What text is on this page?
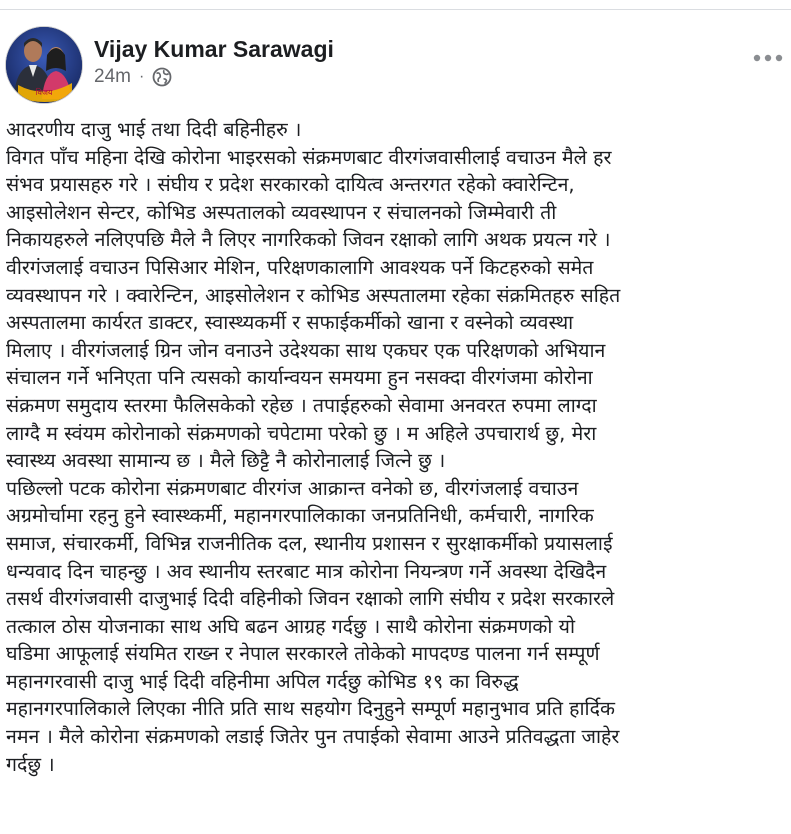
विजय
Vijay Kumar Sarawagi
24m ·
आदरणीय दाजु भाई तथा दिदी बहिनीहरु ।
विगत पाँच महिना देखि कोरोना भाइरसको संक्रमणबाट वीरगंजवासीलाई वचाउन मैले हर
संभव प्रयासहरु गरे । संघीय र प्रदेश सरकारको दायित्व अन्तरगत रहेको क्वारेन्टिन,
आइसोलेशन सेन्टर, कोभिड अस्पतालको व्यवस्थापन र संचालनको जिम्मेवारी ती
निकायहरुले नलिएपछि मैले नै लिएर नागरिकको जिवन रक्षाको लागि अथक प्रयत्न गरे ।
वीरगंजलाई वचाउन पिसिआर मेशिन, परिक्षणकालागि आवश्यक पर्ने किटहरुको समेत
व्यवस्थापन गरे । क्वारेन्टिन, आइसोलेशन र कोभिड अस्पतालमा रहेका संक्रमितहरु सहित
अस्पतालमा कार्यरत डाक्टर, स्वास्थ्यकर्मी र सफाईकर्मीको खाना र वस्नेको व्यवस्था
मिलाए । वीरगंजलाई ग्रिन जोन वनाउने उदेश्यका साथ एकघर एक परिक्षणको अभियान
संचालन गर्ने भनिएता पनि त्यसको कार्यान्वयन समयमा हुन नसक्दा वीरगंजमा कोरोना
संक्रमण समुदाय स्तरमा फैलिसकेको रहेछ । तपाईहरुको सेवामा अनवरत रुपमा लाग्दा
लाग्दै म स्वंयम कोरोनाको संक्रमणको चपेटामा परेको छु । म अहिले उपचारार्थ छु, मेरा
स्वास्थ्य अवस्था सामान्य छ । मैले छिट्टै नै कोरोनालाई जित्ने छु ।
पछिल्लो पटक कोरोना संक्रमणबाट वीरगंज आक्रान्त वनेको छ, वीरगंजलाई वचाउन
अग्रमोर्चामा रहनु हुने स्वास्थ्कर्मी, महानगरपालिकाका जनप्रतिनिधी, कर्मचारी, नागरिक
समाज, संचारकर्मी, विभिन्न राजनीतिक दल, स्थानीय प्रशासन र सुरक्षाकर्मीको प्रयासलाई
धन्यवाद दिन चाहन्छु । अव स्थानीय स्तरबाट मात्र कोरोना नियन्त्रण गर्ने अवस्था देखिदैन
तसर्थ वीरगंजवासी दाजुभाई दिदी वहिनीको जिवन रक्षाको लागि संघीय र प्रदेश सरकारले
तत्काल ठोस योजनाका साथ अघि बढन आग्रह गर्दछु । साथै कोरोना संक्रमणको यो
घडिमा आफूलाई संयमित राख्न र नेपाल सरकारले तोकेको मापदण्ड पालना गर्न सम्पूर्ण
महानगरवासी दाजु भाई दिदी वहिनीमा अपिल गर्दछु कोभिड १९ का विरुद्ध
महानगरपालिकाले लिएका नीति प्रति साथ सहयोग दिनुहुने सम्पूर्ण महानुभाव प्रति हार्दिक
नमन । मैले कोरोना संक्रमणको लडाई जितेर पुन तपाईको सेवामा आउने प्रतिवद्धता जाहेर
गर्दछु ।
